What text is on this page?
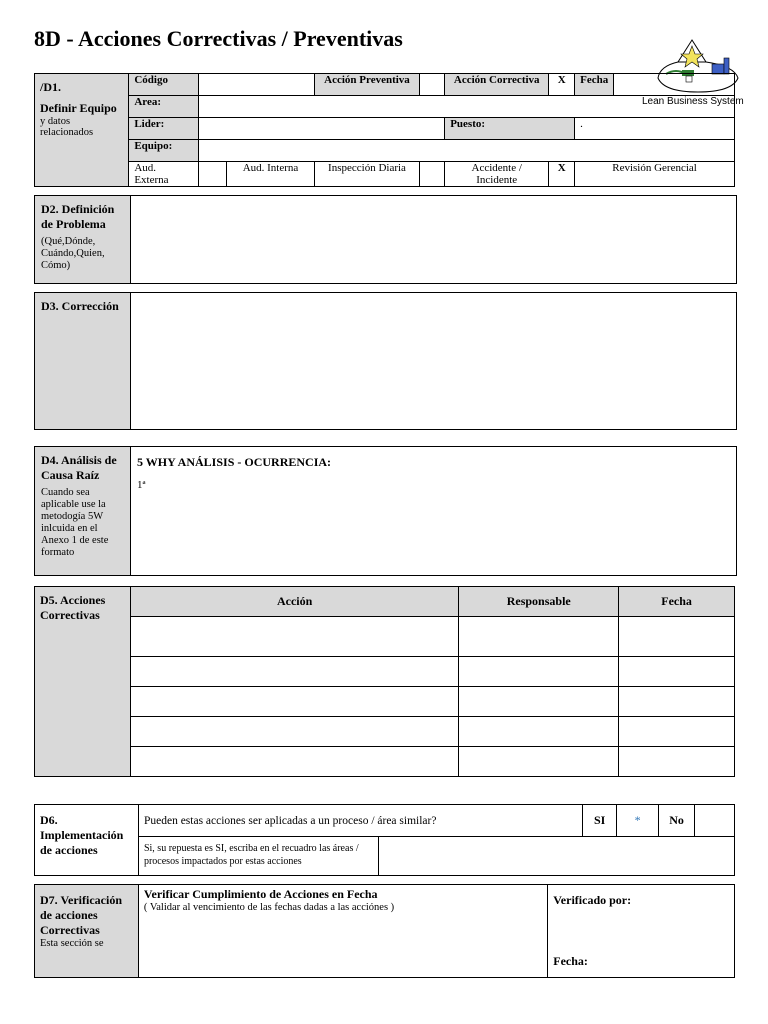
8D - Acciones Correctivas / Preventivas
Lean Business System
/D1.
Definir Equipo
y datos relacionados	Código			Acción Preventiva		Acción Correctiva	X	Fecha	
	Area:								
	Lider:					Puesto:		.	
	Equipo:								
	Aud. Externa		Aud. Interna	Inspección Diaria		Accidente / Incidente	X	Revisión Gerencial	
D2. Definición de Problema
(Qué,Dónde, Cuándo,Quien, Cómo)
D3. Corrección
D4. Análisis de Causa Raíz
Cuando sea aplicable use la metodogía 5W inlcuida en el Anexo 1 de este formato
5 WHY ANÁLISIS - OCURRENCIA:
1ª
D5. Acciones Correctivas	Acción	Responsable	Fecha

D6. Implementación de acciones	Pueden estas acciones ser aplicadas a un proceso / área similar?		SI	*	No	
	Si, su repuesta es SI, escriba en el recuadro las áreas / procesos impactados por estas acciones					
D7. Verificación de acciones Correctivas
Esta sección se

Verificar Cumplimiento de Acciones en Fecha
( Validar al vencimiento de las fechas dadas a las acciónes )

Verificado por:
Fecha:
